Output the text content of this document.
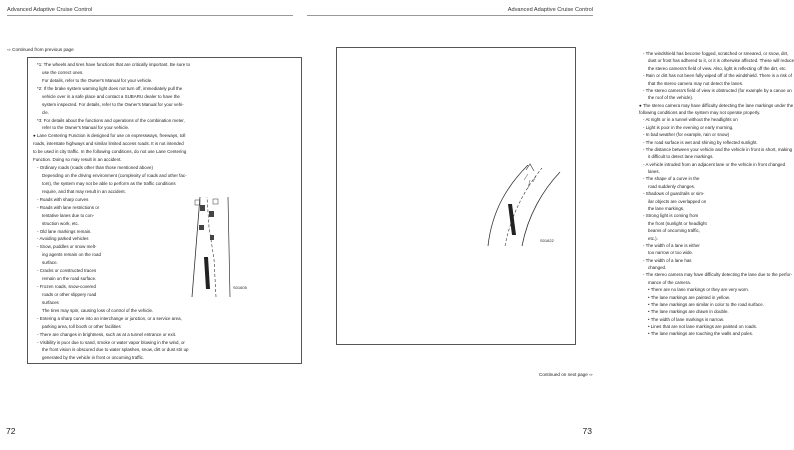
Advanced Adaptive Cruise Control
⇨ Continued from previous page
*1: The wheels and tires have functions that are critically important. Be sure to
use the correct ones.
For details, refer to the Owner's Manual for your vehicle.
*2: If the brake system warning light does not turn off, immediately pull the
vehicle over in a safe place and contact a SUBARU dealer to have the
system inspected. For details, refer to the Owner's Manual for your vehi-
cle.
*3: For details about the functions and operations of the combination meter,
refer to the Owner's Manual for your vehicle.
● Lane Centering Function is designed for use on expressways, freeways, toll
roads, interstate highways and similar limited access roads. It is not intended
to be used in city traffic. In the following conditions, do not use Lane Centering
Function. Doing so may result in an accident.
- Ordinary roads (roads other than those mentioned above)
Depending on the driving environment (complexity of roads and other fac-
tors), the system may not be able to perform as the traffic conditions
require, and that may result in an accident.
- Roads with sharp curves
- Roads with lane restrictions or
tentative lanes due to con-
struction work, etc.
- Old lane markings remain.
- Avoiding parked vehicles
- Snow, puddles or snow melt-
ing agents remain on the road
surface.
- Cracks or constructed traces
remain on the road surface.
- Frozen roads, snow-covered
roads or other slippery road
surfaces
The tires may spin, causing loss of control of the vehicle.
- Entering a sharp curve into an interchange or junction, or a service area,
parking area, toll booth or other facilities
- There are changes in brightness, such as at a tunnel entrance or exit.
- Visibility is poor due to sand, smoke or water vapor blowing in the wind, or
the front vision is obscured due to water splashes, snow, dirt or dust stir up
generated by the vehicle in front or oncoming traffic.
S01605
72
Advanced Adaptive Cruise Control
- The windshield has become fogged, scratched or smeared, or snow, dirt,
dust or frost has adhered to it, or it is otherwise affected. These will reduce
the stereo camera's field of view. Also, light is reflecting off the dirt, etc.
- Rain or dirt has not been fully wiped off of the windshield. There is a risk of
that the stereo camera may not detect the lanes.
- The stereo camera's field of view is obstructed (for example by a canoe on
the roof of the vehicle).
● The stereo camera may have difficulty detecting the lane markings under the
following conditions and the system may not operate properly.
- At night or in a tunnel without the headlights on
- Light is poor in the evening or early morning.
- In bad weather (for example, rain or snow)
- The road surface is wet and shining by reflected sunlight.
- The distance between your vehicle and the vehicle in front is short, making
it difficult to detect lane markings.
- A vehicle intruded from an adjacent lane or the vehicle in front changed
lanes.
- The shape of a curve in the
road suddenly changes.
- Shadows of guardrails or sim-
ilar objects are overlapped on
the lane markings.
- Strong light is coming from
the front (sunlight or headlight
beams of oncoming traffic,
etc.).
- The width of a lane is either
too narrow or too wide.
- The width of a lane has
changed.
- The stereo camera may have difficulty detecting the lane due to the perfor-
mance of the camera.
• There are no lane markings or they are very worn.
• The lane markings are painted in yellow.
• The lane markings are similar in color to the road surface.
• The lane markings are drawn in double.
• The width of lane markings is narrow.
• Lines that are not lane markings are painted on roads.
• The lane markings are touching the walls and poles.
S01622
Continued on next page ⇨
73
